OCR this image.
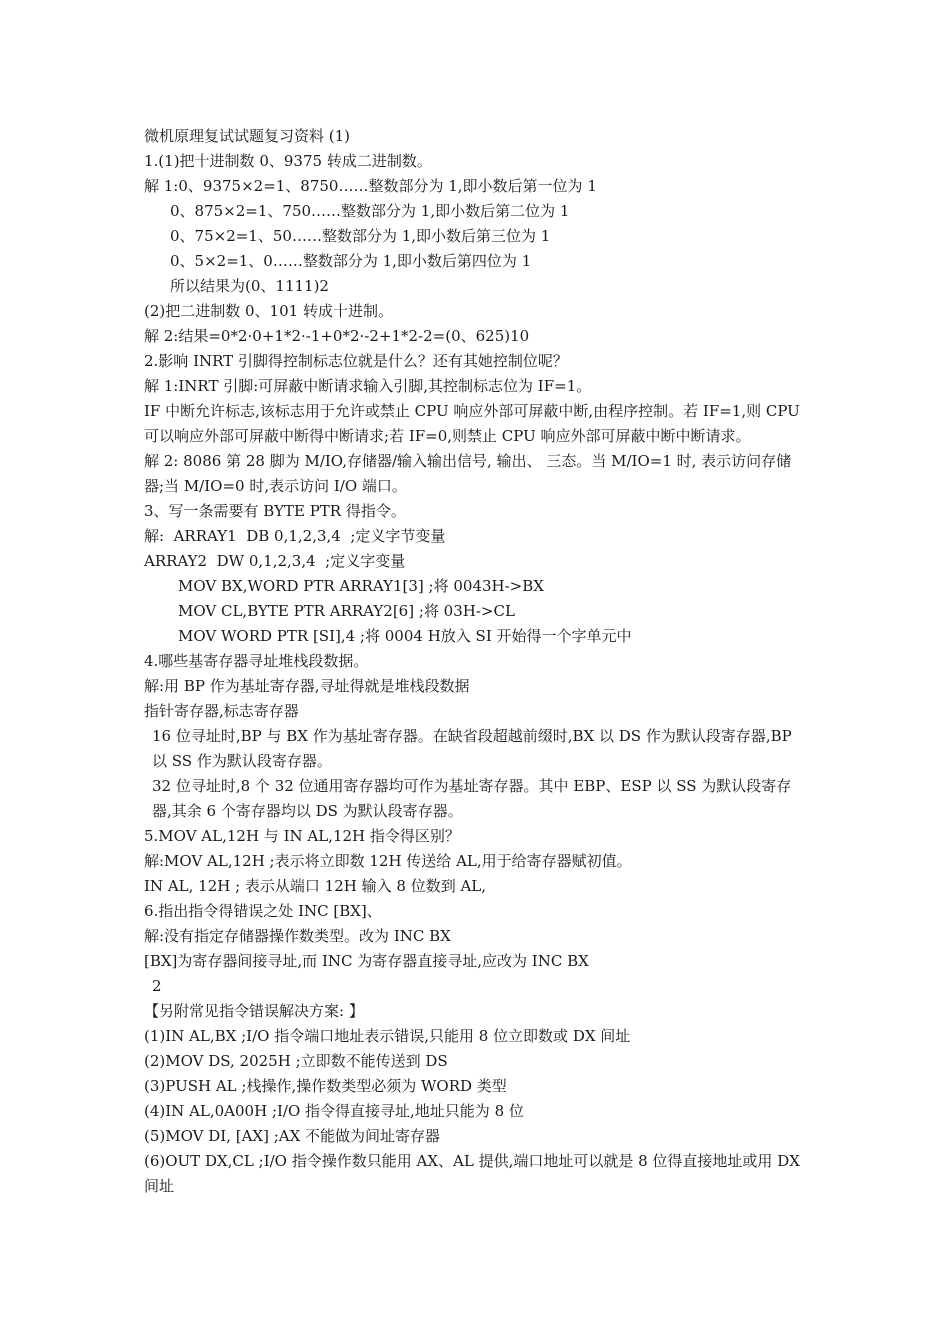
微机原理复试试题复习资料 (1)

1.(1)把十进制数 0、9375 转成二进制数。

解 1:0、9375×2=1、8750……整数部分为 1,即小数后第一位为 1

0、875×2=1、750……整数部分为 1,即小数后第二位为 1

0、75×2=1、50……整数部分为 1,即小数后第三位为 1

0、5×2=1、0……整数部分为 1,即小数后第四位为 1

所以结果为(0、1111)2

(2)把二进制数 0、101 转成十进制。

解 2:结果=0*2·0+1*2·-1+0*2·-2+1*2-2=(0、625)10

2.影响 INRT 引脚得控制标志位就是什么？还有其她控制位呢？

解 1:INRT 引脚:可屏蔽中断请求输入引脚,其控制标志位为 IF=1。

IF 中断允许标志,该标志用于允许或禁止 CPU 响应外部可屏蔽中断,由程序控制。若 IF=1,则 CPU 可以响应外部可屏蔽中断得中断请求;若 IF=0,则禁止 CPU 响应外部可屏蔽中断中断请求。

解 2: 8086 第 28 脚为 M/IO,存储器/输入输出信号, 输出、 三态。当 M/IO=1 时, 表示访问存储器;当 M/IO=0 时,表示访问 I/O 端口。

3、写一条需要有 BYTE PTR 得指令。

解:  ARRAY1  DB 0,1,2,3,4  ;定义字节变量

ARRAY2  DW 0,1,2,3,4  ;定义字变量

MOV BX,WORD PTR ARRAY1[3] ;将 0043H->BX

MOV CL,BYTE PTR ARRAY2[6] ;将 03H->CL

MOV WORD PTR [SI],4 ;将 0004 H放入 SI 开始得一个字单元中

4.哪些基寄存器寻址堆栈段数据。

解:用 BP 作为基址寄存器,寻址得就是堆栈段数据

指针寄存器,标志寄存器

16 位寻址时,BP 与 BX 作为基址寄存器。在缺省段超越前缀时,BX 以 DS 作为默认段寄存器,BP 以 SS 作为默认段寄存器。

32 位寻址时,8 个 32 位通用寄存器均可作为基址寄存器。其中 EBP、ESP 以 SS 为默认段寄存器,其余 6 个寄存器均以 DS 为默认段寄存器。

5.MOV AL,12H 与 IN AL,12H 指令得区别？

解:MOV AL,12H ;表示将立即数 12H 传送给 AL,用于给寄存器赋初值。

IN AL, 12H ; 表示从端口 12H 输入 8 位数到 AL,

6.指出指令得错误之处 INC [BX]、

解:没有指定存储器操作数类型。改为 INC BX

[BX]为寄存器间接寻址,而 INC 为寄存器直接寻址,应改为 INC BX

2

【另附常见指令错误解决方案: 】

(1)IN AL,BX ;I/O 指令端口地址表示错误,只能用 8 位立即数或 DX 间址

(2)MOV DS, 2025H ;立即数不能传送到 DS

(3)PUSH AL ;栈操作,操作数类型必须为 WORD 类型

(4)IN AL,0A00H ;I/O 指令得直接寻址,地址只能为 8 位

(5)MOV DI, [AX] ;AX 不能做为间址寄存器

(6)OUT DX,CL ;I/O 指令操作数只能用 AX、AL 提供,端口地址可以就是 8 位得直接地址或用 DX 间址
